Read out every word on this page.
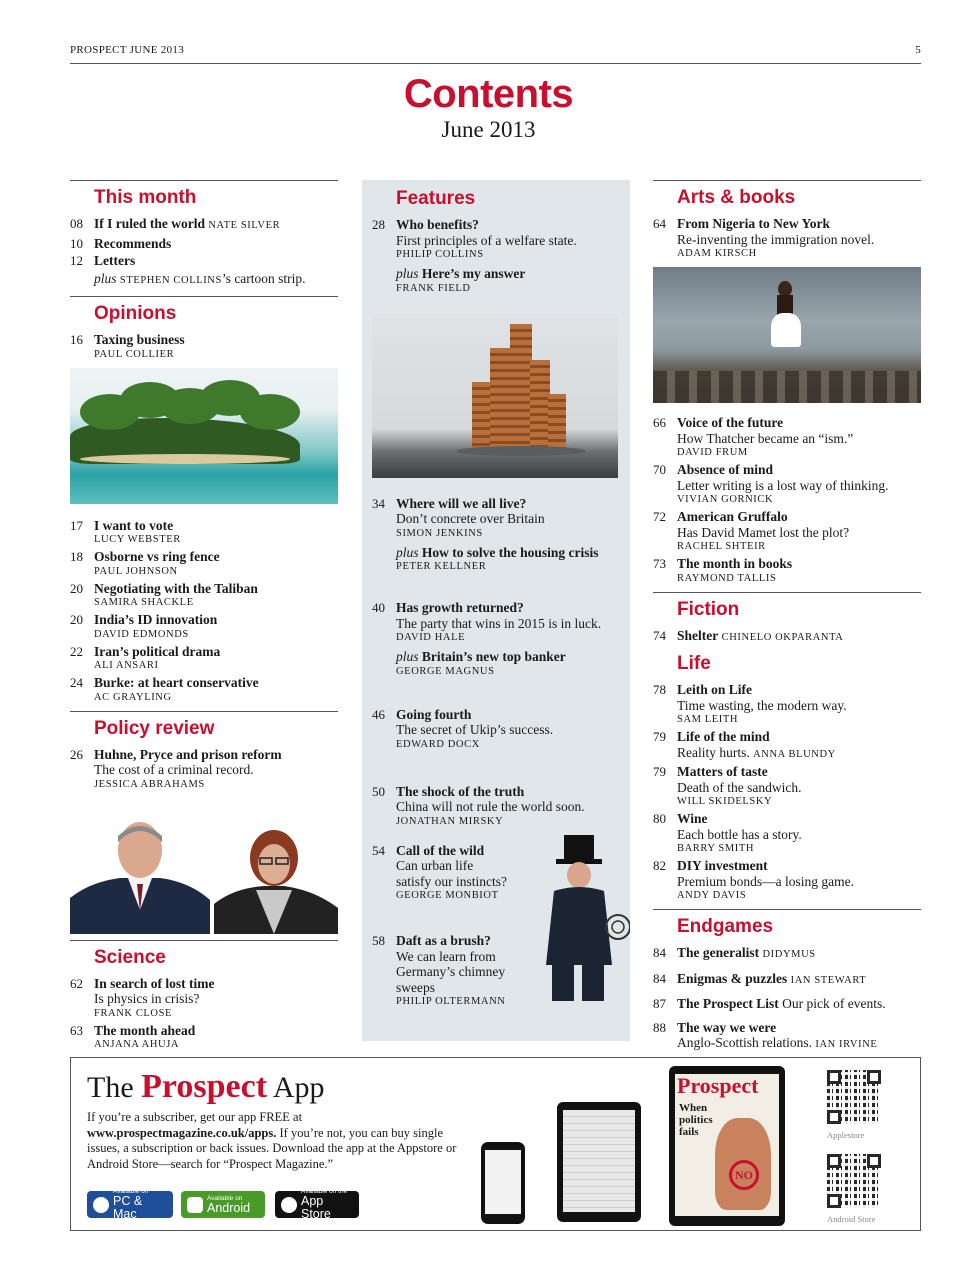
PROSPECT JUNE 2013	5
Contents
June 2013
This month
08 If I ruled the world NATE SILVER
10 Recommends
12 Letters
plus STEPHEN COLLINS’s cartoon strip.
Opinions
16 Taxing business
PAUL COLLIER
17 I want to vote
LUCY WEBSTER
18 Osborne vs ring fence
PAUL JOHNSON
20 Negotiating with the Taliban
SAMIRA SHACKLE
20 India’s ID innovation
DAVID EDMONDS
22 Iran’s political drama
ALI ANSARI
24 Burke: at heart conservative
AC GRAYLING
Policy review
26 Huhne, Pryce and prison reform
The cost of a criminal record.
JESSICA ABRAHAMS
Science
62 In search of lost time
Is physics in crisis?
FRANK CLOSE
63 The month ahead
ANJANA AHUJA
Features
28 Who benefits?
First principles of a welfare state.
PHILIP COLLINS
plus Here’s my answer
FRANK FIELD
34 Where will we all live?
Don’t concrete over Britain
SIMON JENKINS
plus How to solve the housing crisis
PETER KELLNER
40 Has growth returned?
The party that wins in 2015 is in luck.
DAVID HALE
plus Britain’s new top banker
GEORGE MAGNUS
46 Going fourth
The secret of Ukip’s success.
EDWARD DOCX
50 The shock of the truth
China will not rule the world soon.
JONATHAN MIRSKY
54 Call of the wild
Can urban life
satisfy our instincts?
GEORGE MONBIOT
58 Daft as a brush?
We can learn from
Germany’s chimney
sweeps
PHILIP OLTERMANN
Arts & books
64 From Nigeria to New York
Re-inventing the immigration novel.
ADAM KIRSCH
66 Voice of the future
How Thatcher became an “ism.”
DAVID FRUM
70 Absence of mind
Letter writing is a lost way of thinking.
VIVIAN GORNICK
72 American Gruffalo
Has David Mamet lost the plot?
RACHEL SHTEIR
73 The month in books
RAYMOND TALLIS
Fiction
74 Shelter CHINELO OKPARANTA
Life
78 Leith on Life
Time wasting, the modern way.
SAM LEITH
79 Life of the mind
Reality hurts. ANNA BLUNDY
79 Matters of taste
Death of the sandwich.
WILL SKIDELSKY
80 Wine
Each bottle has a story.
BARRY SMITH
82 DIY investment
Premium bonds—a losing game.
ANDY DAVIS
Endgames
84 The generalist DIDYMUS
84 Enigmas & puzzles IAN STEWART
87 The Prospect List Our pick of events.
88 The way we were
Anglo-Scottish relations. IAN IRVINE
The Prospect App
If you’re a subscriber, get our app FREE at www.prospectmagazine.co.uk/apps. If you’re not, you can buy single issues, a subscription or back issues. Download the app at the Appstore or Android Store—search for “Prospect Magazine.”
Available on
PC & Mac
Available on
Android
Available on the
App Store
Prospect
When politics fails
NO
Applestore
Android Store
